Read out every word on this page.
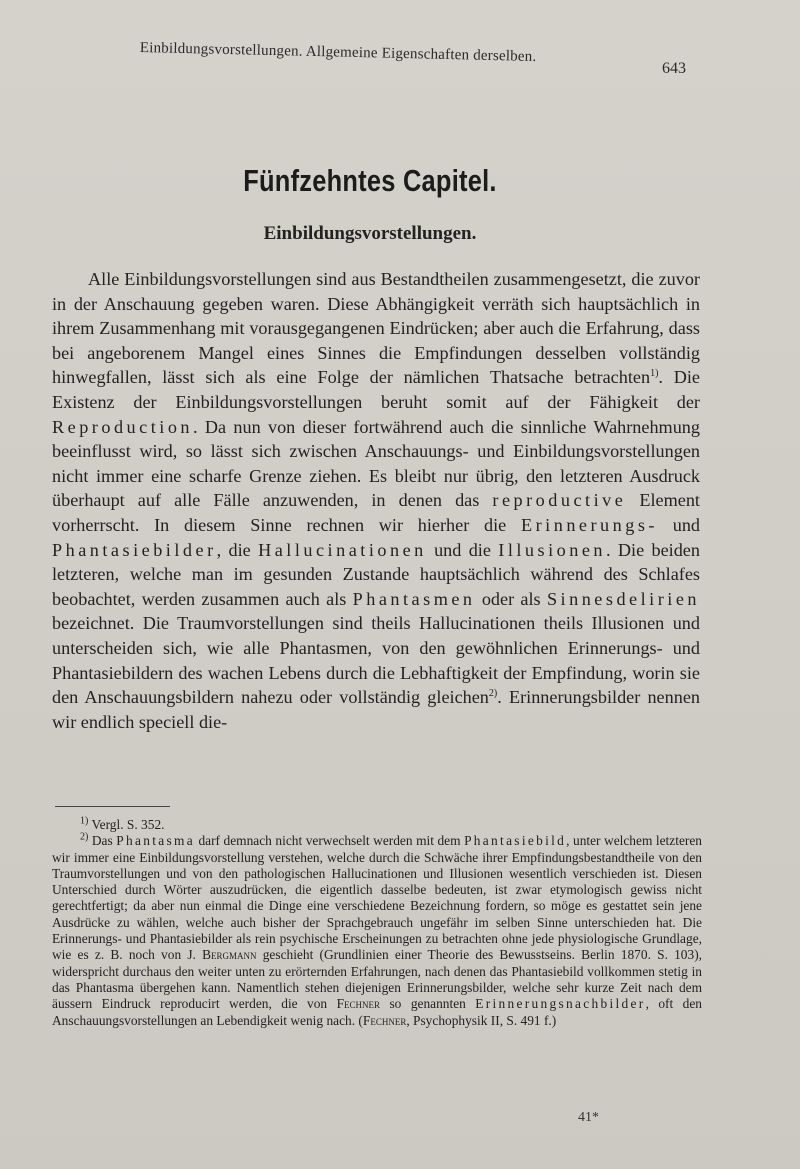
Einbildungsvorstellungen. Allgemeine Eigenschaften derselben.
643
Fünfzehntes Capitel.
Einbildungsvorstellungen.

Alle Einbildungsvorstellungen sind aus Bestandtheilen zusammengesetzt, die zuvor in der Anschauung gegeben waren. Diese Abhängigkeit verräth sich hauptsächlich in ihrem Zusammenhang mit vorausgegangenen Eindrücken; aber auch die Erfahrung, dass bei angeborenem Mangel eines Sinnes die Empfindungen desselben vollständig hinwegfallen, lässt sich als eine Folge der nämlichen Thatsache betrachten$^{1)}$. Die Existenz der Einbildungsvorstellungen beruht somit auf der Fähigkeit der Reproduction. Da nun von dieser fortwährend auch die sinnliche Wahrnehmung beeinflusst wird, so lässt sich zwischen Anschauungs- und Einbildungsvorstellungen nicht immer eine scharfe Grenze ziehen. Es bleibt nur übrig, den letzteren Ausdruck überhaupt auf alle Fälle anzuwenden, in denen das reproductive Element vorherrscht. In diesem Sinne rechnen wir hierher die Erinnerungs- und Phantasiebilder, die Hallucinationen und die Illusionen. Die beiden letzteren, welche man im gesunden Zustande hauptsächlich während des Schlafes beobachtet, werden zusammen auch als Phantasmen oder als Sinnesdelirien bezeichnet. Die Traumvorstellungen sind theils Hallucinationen theils Illusionen und unterscheiden sich, wie alle Phantasmen, von den gewöhnlichen Erinnerungs- und Phantasiebildern des wachen Lebens durch die Lebhaftigkeit der Empfindung, worin sie den Anschauungsbildern nahezu oder vollständig gleichen$^{2)}$. Erinnerungsbilder nennen wir endlich speciell die-

$^{1)}$ Vergl. S. 352.

$^{2)}$ Das Phantasma darf demnach nicht verwechselt werden mit dem Phantasiebild, unter welchem letzteren wir immer eine Einbildungsvorstellung verstehen, welche durch die Schwäche ihrer Empfindungsbestandtheile von den Traumvorstellungen und von den pathologischen Hallucinationen und Illusionen wesentlich verschieden ist. Diesen Unterschied durch Wörter auszudrücken, die eigentlich dasselbe bedeuten, ist zwar etymologisch gewiss nicht gerechtfertigt; da aber nun einmal die Dinge eine verschiedene Bezeichnung fordern, so möge es gestattet sein jene Ausdrücke zu wählen, welche auch bisher der Sprachgebrauch ungefähr im selben Sinne unterschieden hat. Die Erinnerungs- und Phantasiebilder als rein psychische Erscheinungen zu betrachten ohne jede physiologische Grundlage, wie es z. B. noch von J. Bergmann geschieht (Grundlinien einer Theorie des Bewusstseins. Berlin 1870. S. 103), widerspricht durchaus den weiter unten zu erörternden Erfahrungen, nach denen das Phantasiebild vollkommen stetig in das Phantasma übergehen kann. Namentlich stehen diejenigen Erinnerungsbilder, welche sehr kurze Zeit nach dem äussern Eindruck reproducirt werden, die von Fechner so genannten Erinnerungsnachbilder, oft den Anschauungsvorstellungen an Lebendigkeit wenig nach. (Fechner, Psychophysik II, S. 491 f.)

41*
